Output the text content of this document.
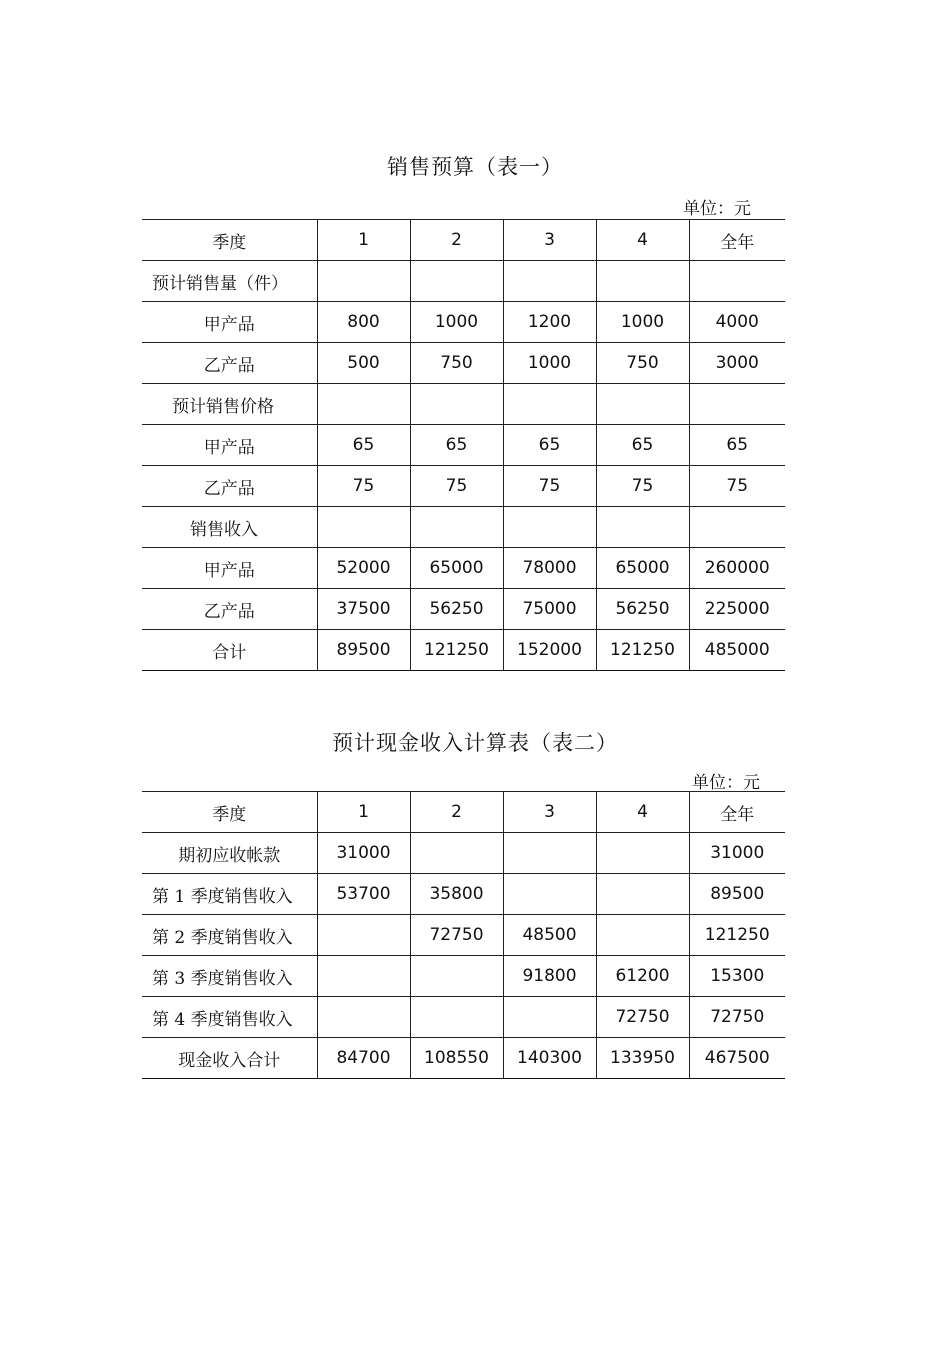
销售预算（表一）
单位：元
季度	1	2	3	4	全年
预计销售量（件）					
甲产品	800	1000	1200	1000	4000
乙产品	500	750	1000	750	3000
预计销售价格					
甲产品	65	65	65	65	65
乙产品	75	75	75	75	75
销售收入					
甲产品	52000	65000	78000	65000	260000
乙产品	37500	56250	75000	56250	225000
合计	89500	121250	152000	121250	485000
预计现金收入计算表（表二）
单位：元
季度	1	2	3	4	全年
期初应收帐款	31000				31000
第 1 季度销售收入	53700	35800			89500
第 2 季度销售收入		72750	48500		121250
第 3 季度销售收入			91800	61200	15300
第 4 季度销售收入				72750	72750
现金收入合计	84700	108550	140300	133950	467500
